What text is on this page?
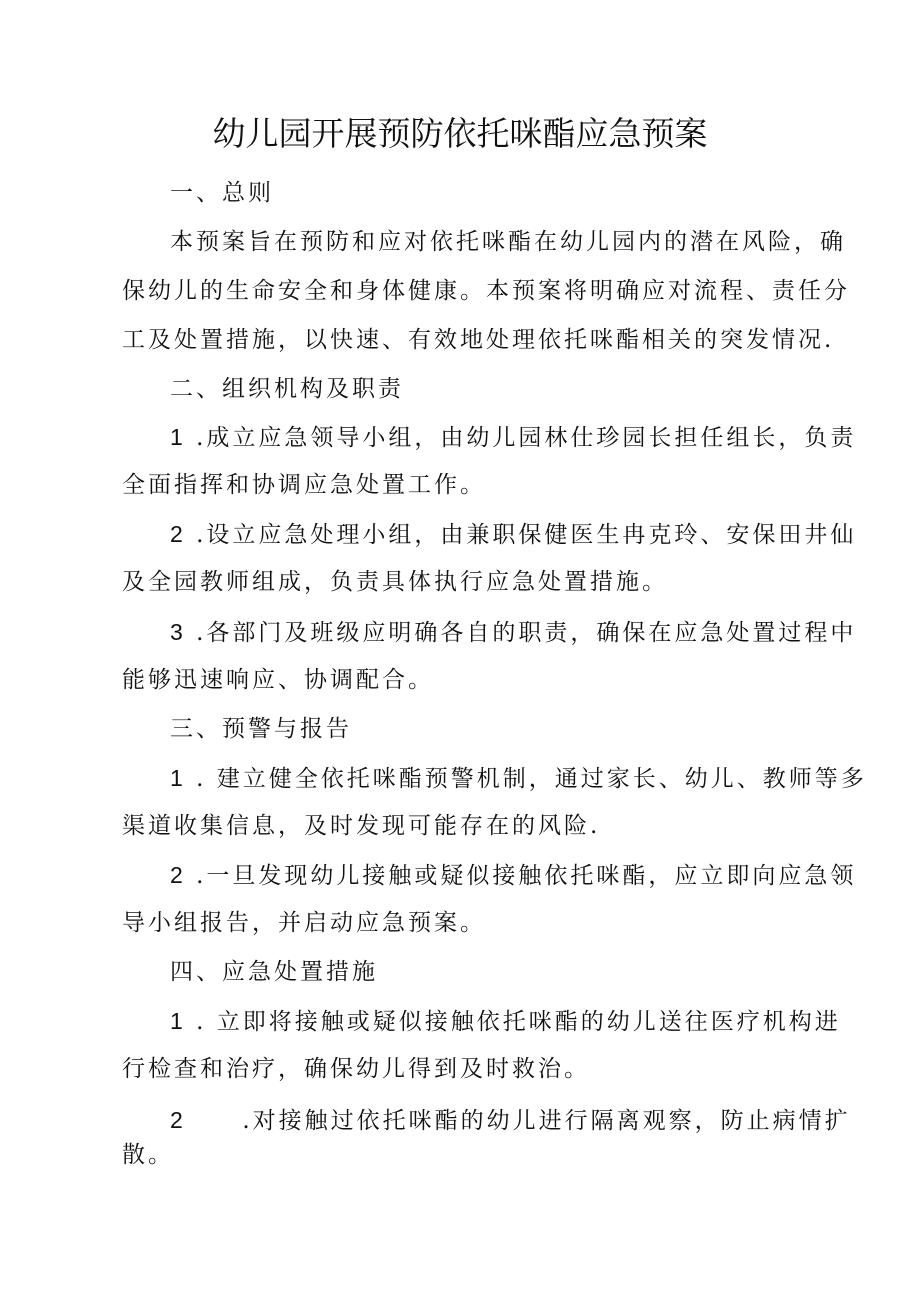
幼儿园开展预防依托咪酯应急预案
一、总则
本预案旨在预防和应对依托咪酯在幼儿园内的潜在风险，确
保幼儿的生命安全和身体健康。本预案将明确应对流程、责任分
工及处置措施，以快速、有效地处理依托咪酯相关的突发情况.
二、组织机构及职责
1 .成立应急领导小组，由幼儿园林仕珍园长担任组长，负责
全面指挥和协调应急处置工作。
2 .设立应急处理小组，由兼职保健医生冉克玲、安保田井仙
及全园教师组成，负责具体执行应急处置措施。
3 .各部门及班级应明确各自的职责，确保在应急处置过程中
能够迅速响应、协调配合。
三、预警与报告
1 . 建立健全依托咪酯预警机制，通过家长、幼儿、教师等多
渠道收集信息，及时发现可能存在的风险.
2 .一旦发现幼儿接触或疑似接触依托咪酯，应立即向应急领
导小组报告，并启动应急预案。
四、应急处置措施
1 . 立即将接触或疑似接触依托咪酯的幼儿送往医疗机构进
行检查和治疗，确保幼儿得到及时救治。
2 .对接触过依托咪酯的幼儿进行隔离观察，防止病情扩
散。
